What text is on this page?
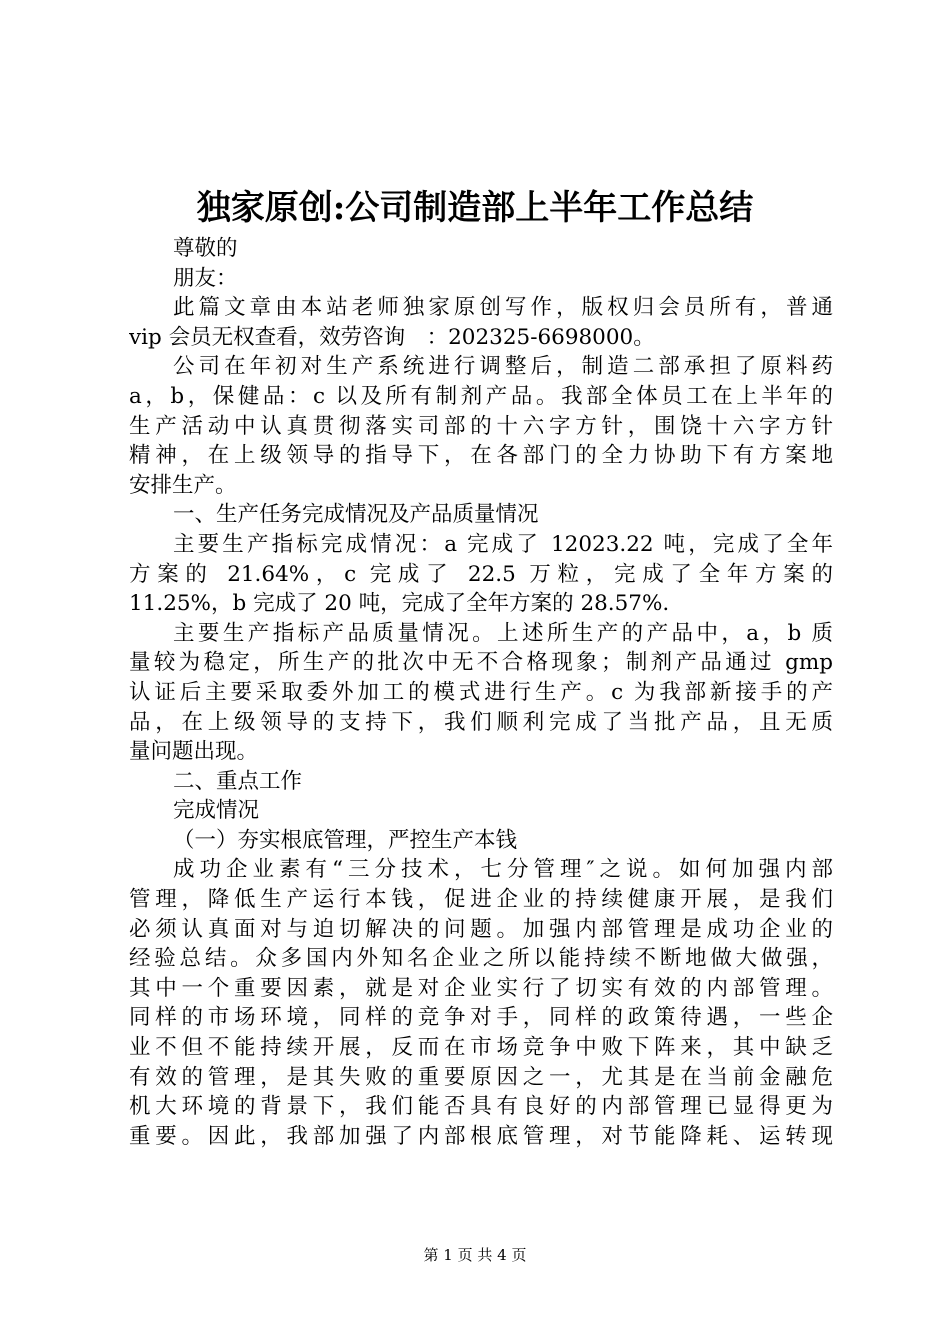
独家原创:公司制造部上半年工作总结
尊敬的
朋友：
此篇文章由本站老师独家原创写作，版权归会员所有，普通
vip 会员无权查看，效劳咨询　：202325-6698000。
公司在年初对生产系统进行调整后，制造二部承担了原料药
a，b，保健品：c 以及所有制剂产品。我部全体员工在上半年的
生产活动中认真贯彻落实司部的十六字方针，围饶十六字方针
精神，在上级领导的指导下，在各部门的全力协助下有方案地
安排生产。
一、生产任务完成情况及产品质量情况
主要生产指标完成情况：a 完成了 12023.22 吨，完成了全年
方案的 21.64%，c 完成了 22.5 万粒，完成了全年方案的
11.25%，b 完成了 20 吨，完成了全年方案的 28.57%.
主要生产指标产品质量情况。上述所生产的产品中，a，b 质
量较为稳定，所生产的批次中无不合格现象；制剂产品通过 gmp
认证后主要采取委外加工的模式进行生产。c 为我部新接手的产
品，在上级领导的支持下，我们顺利完成了当批产品，且无质
量问题出现。
二、重点工作
完成情况
（一）夯实根底管理，严控生产本钱
成功企业素有“三分技术，七分管理″之说。如何加强内部
管理，降低生产运行本钱，促进企业的持续健康开展，是我们
必须认真面对与迫切解决的问题。加强内部管理是成功企业的
经验总结。众多国内外知名企业之所以能持续不断地做大做强，
其中一个重要因素，就是对企业实行了切实有效的内部管理。
同样的市场环境，同样的竞争对手，同样的政策待遇，一些企
业不但不能持续开展，反而在市场竞争中败下阵来，其中缺乏
有效的管理，是其失败的重要原因之一，尤其是在当前金融危
机大环境的背景下，我们能否具有良好的内部管理已显得更为
重要。因此，我部加强了内部根底管理，对节能降耗、运转现
第 1 页 共 4 页
